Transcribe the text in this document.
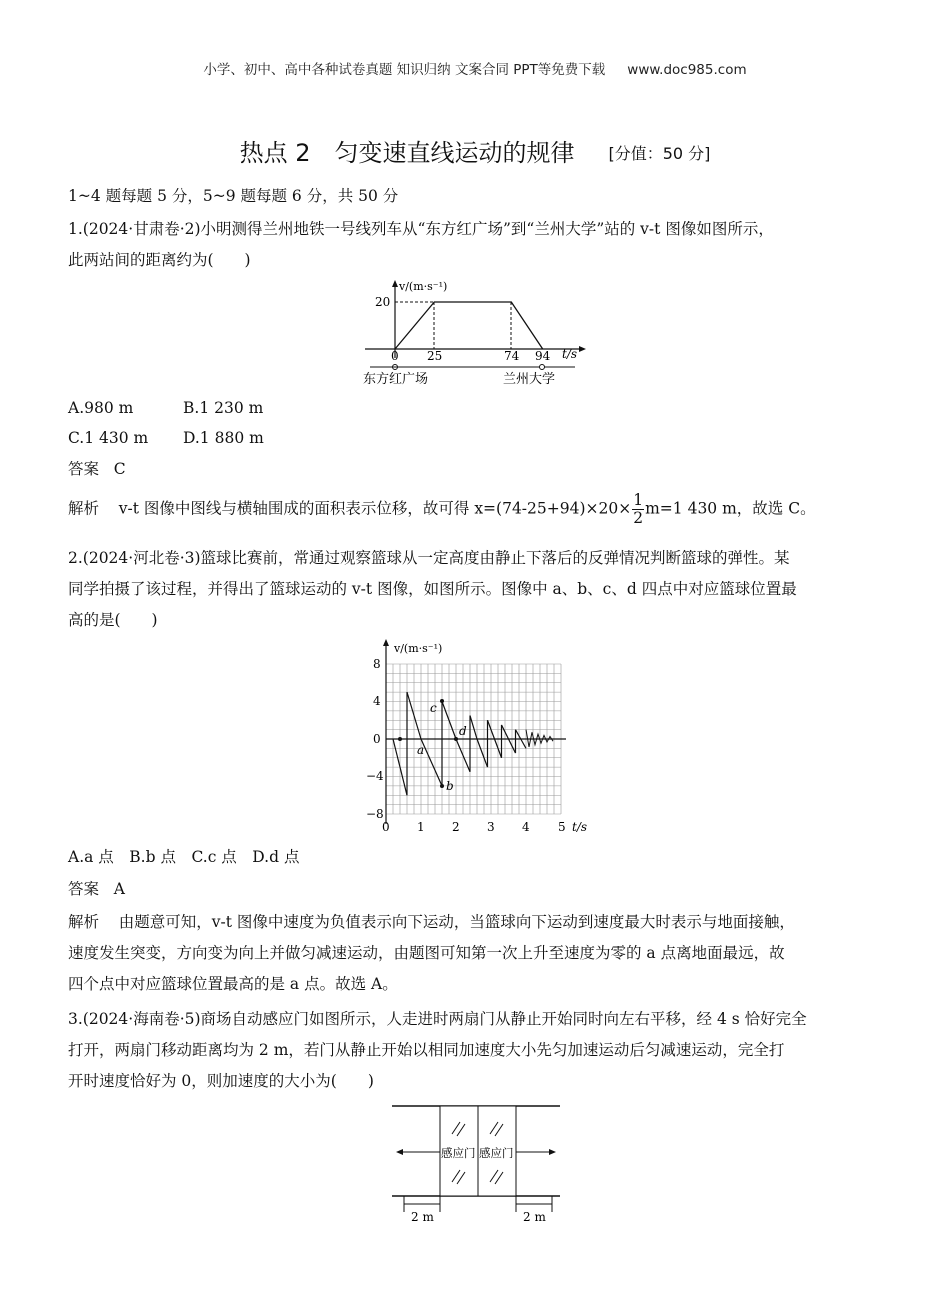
小学、初中、高中各种试卷真题 知识归纳 文案合同 PPT等免费下载 www.doc985.com
热点 2　匀变速直线运动的规律 [分值：50 分]
1~4 题每题 5 分，5~9 题每题 6 分，共 50 分
1.(2024·甘肃卷·2)小明测得兰州地铁一号线列车从“东方红广场”到“兰州大学”站的 v-t 图像如图所示，
此两站间的距离约为(　　)
v/(m·s⁻¹)
20
0 25	74 94 t/s
东方红广场	兰州大学
A.980 m	B.1 230 m
C.1 430 m	D.1 880 m
答案 C
解析 v-t 图像中图线与横轴围成的面积表示位移，故可得 $x=(74-25+94)\times 20\times \frac{1}{2} m=1$ 430 m，故选 C。
2.(2024·河北卷·3)篮球比赛前，常通过观察篮球从一定高度由静止下落后的反弹情况判断篮球的弹性。某
同学拍摄了该过程，并得出了篮球运动的 v-t 图像，如图所示。图像中 a、b、c、d 四点中对应篮球位置最
高的是(　　)
v/(m·s⁻¹)
8
4
0
−4
−8
0 1 2 3 4 5 t/s
a
b
c
d
A.a 点　B.b 点　C.c 点　D.d 点
答案 A
解析 由题意可知，v-t 图像中速度为负值表示向下运动，当篮球向下运动到速度最大时表示与地面接触，
速度发生突变，方向变为向上并做匀减速运动，由题图可知第一次上升至速度为零的 a 点离地面最远，故
四个点中对应篮球位置最高的是 a 点。故选 A。
3.(2024·海南卷·5)商场自动感应门如图所示，人走进时两扇门从静止开始同时向左右平移，经 4 s 恰好完全
打开，两扇门移动距离均为 2 m，若门从静止开始以相同加速度大小先匀加速运动后匀减速运动，完全打
开时速度恰好为 0，则加速度的大小为(　　)
感应门 感应门
2 m	2 m
